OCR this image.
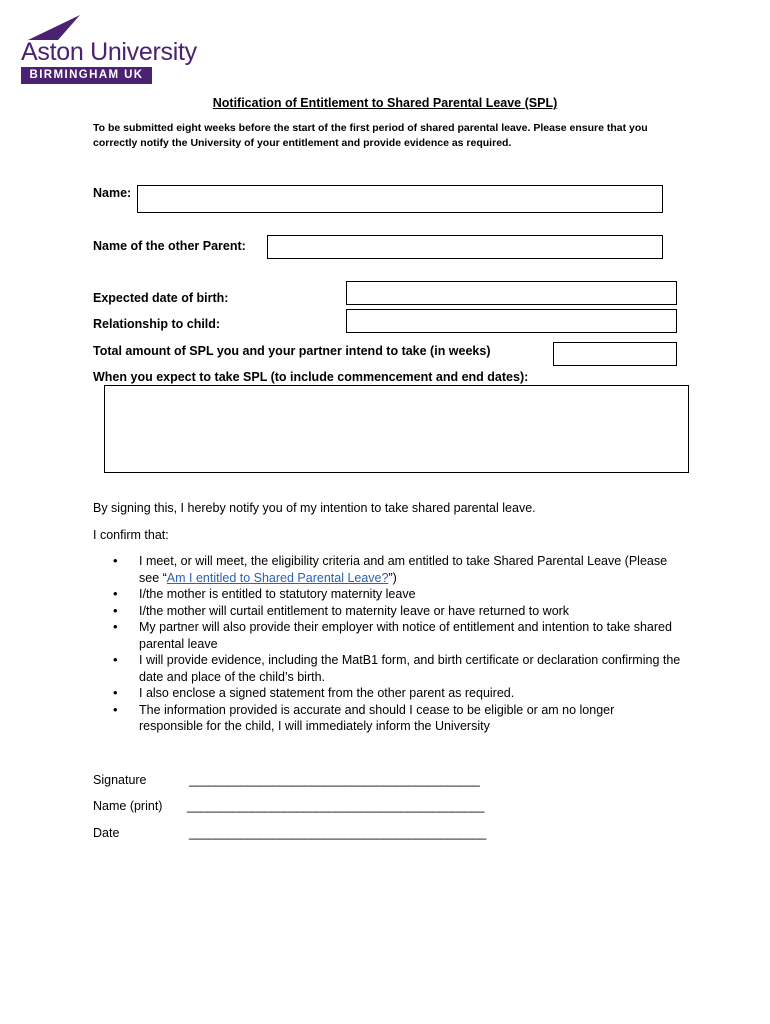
Aston University
BIRMINGHAM UK
Notification of Entitlement to Shared Parental Leave (SPL)
To be submitted eight weeks before the start of the first period of shared parental leave. Please ensure that you correctly notify the University of your entitlement and provide evidence as required.
Name:
Name of the other Parent:
Expected date of birth:
Relationship to child:
Total amount of SPL you and your partner intend to take (in weeks)
When you expect to take SPL (to include commencement and end dates):
By signing this, I hereby notify you of my intention to take shared parental leave.
I confirm that:
• I meet, or will meet, the eligibility criteria and am entitled to take Shared Parental Leave (Please see “Am I entitled to Shared Parental Leave?”)
• I/the mother is entitled to statutory maternity leave
• I/the mother will curtail entitlement to maternity leave or have returned to work
• My partner will also provide their employer with notice of entitlement and intention to take shared parental leave
• I will provide evidence, including the MatB1 form, and birth certificate or declaration confirming the date and place of the child’s birth.
• I also enclose a signed statement from the other parent as required.
• The information provided is accurate and should I cease to be eligible or am no longer responsible for the child, I will immediately inform the University
Signature	_____________________________________________
Name (print) ______________________________________________
Date	______________________________________________
